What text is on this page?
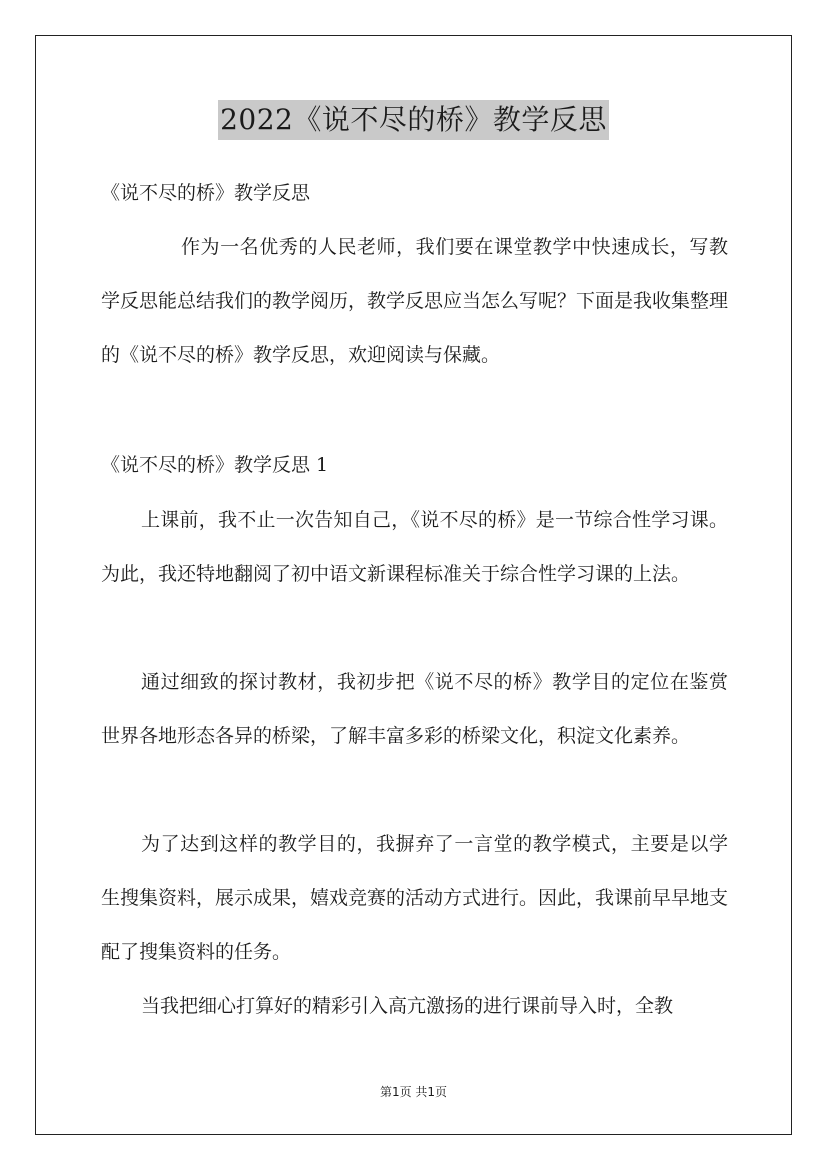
2022《说不尽的桥》教学反思
《说不尽的桥》教学反思

作为一名优秀的人民老师，我们要在课堂教学中快速成长，写教学反思能总结我们的教学阅历，教学反思应当怎么写呢？下面是我收集整理的《说不尽的桥》教学反思，欢迎阅读与保藏。

《说不尽的桥》教学反思 1

上课前，我不止一次告知自己，《说不尽的桥》是一节综合性学习课。为此，我还特地翻阅了初中语文新课程标准关于综合性学习课的上法。

通过细致的探讨教材，我初步把《说不尽的桥》教学目的定位在鉴赏世界各地形态各异的桥梁，了解丰富多彩的桥梁文化，积淀文化素养。

为了达到这样的教学目的，我摒弃了一言堂的教学模式，主要是以学生搜集资料，展示成果，嬉戏竞赛的活动方式进行。因此，我课前早早地支配了搜集资料的任务。

当我把细心打算好的精彩引入高亢激扬的进行课前导入时，全教

第1页 共1页
